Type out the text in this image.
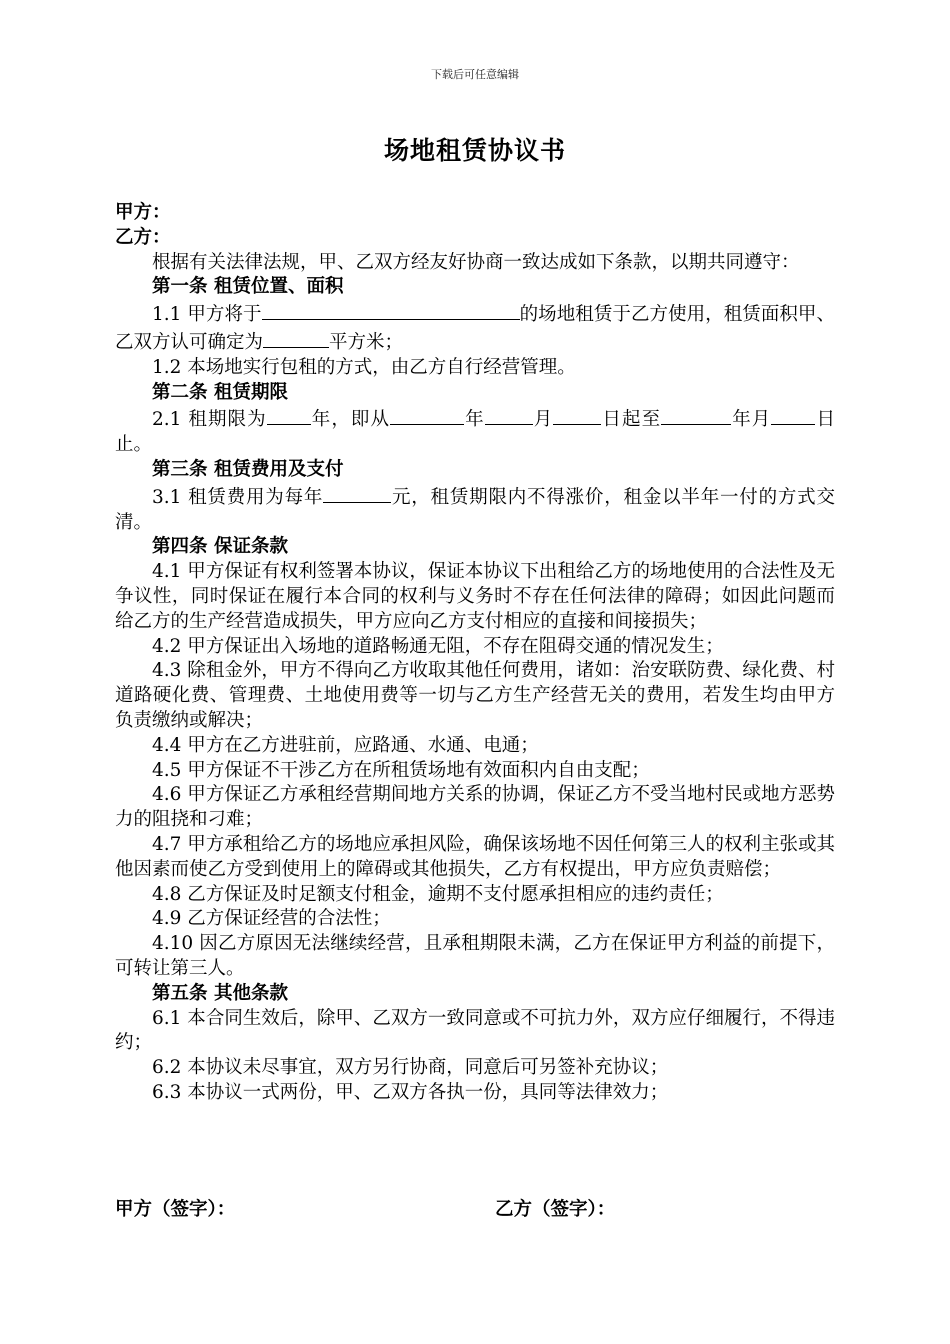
下载后可任意编辑
场地租赁协议书

甲方：

乙方：

根据有关法律法规，甲、乙双方经友好协商一致达成如下条款，以期共同遵守：

第一条 租赁位置、面积

1.1 甲方将于	的场地租赁于乙方使用，租赁面积甲、乙双方认可确定为	平方米；

1.2 本场地实行包租的方式，由乙方自行经营管理。

第二条 租赁期限

2.1 租期限为 年，即从	年	月	日起至	年月 日止。

第三条 租赁费用及支付

3.1 租赁费用为每年	元，租赁期限内不得涨价，租金以半年一付的方式交清。

第四条 保证条款

4.1 甲方保证有权利签署本协议，保证本协议下出租给乙方的场地使用的合法性及无争议性，同时保证在履行本合同的权利与义务时不存在任何法律的障碍；如因此问题而给乙方的生产经营造成损失，甲方应向乙方支付相应的直接和间接损失；

4.2 甲方保证出入场地的道路畅通无阻，不存在阻碍交通的情况发生；

4.3 除租金外，甲方不得向乙方收取其他任何费用，诸如：治安联防费、绿化费、村道路硬化费、管理费、土地使用费等一切与乙方生产经营无关的费用，若发生均由甲方负责缴纳或解决；

4.4 甲方在乙方进驻前，应路通、水通、电通；

4.5 甲方保证不干涉乙方在所租赁场地有效面积内自由支配；

4.6 甲方保证乙方承租经营期间地方关系的协调，保证乙方不受当地村民或地方恶势力的阻挠和刁难；

4.7 甲方承租给乙方的场地应承担风险，确保该场地不因任何第三人的权利主张或其他因素而使乙方受到使用上的障碍或其他损失，乙方有权提出，甲方应负责赔偿；

4.8 乙方保证及时足额支付租金，逾期不支付愿承担相应的违约责任；

4.9 乙方保证经营的合法性；

4.10 因乙方原因无法继续经营，且承租期限未满，乙方在保证甲方利益的前提下，可转让第三人。

第五条 其他条款

6.1 本合同生效后，除甲、乙双方一致同意或不可抗力外，双方应仔细履行，不得违约；

6.2 本协议未尽事宜，双方另行协商，同意后可另签补充协议；

6.3 本协议一式两份，甲、乙双方各执一份，具同等法律效力；

甲方（签字）：	乙方（签字）：
